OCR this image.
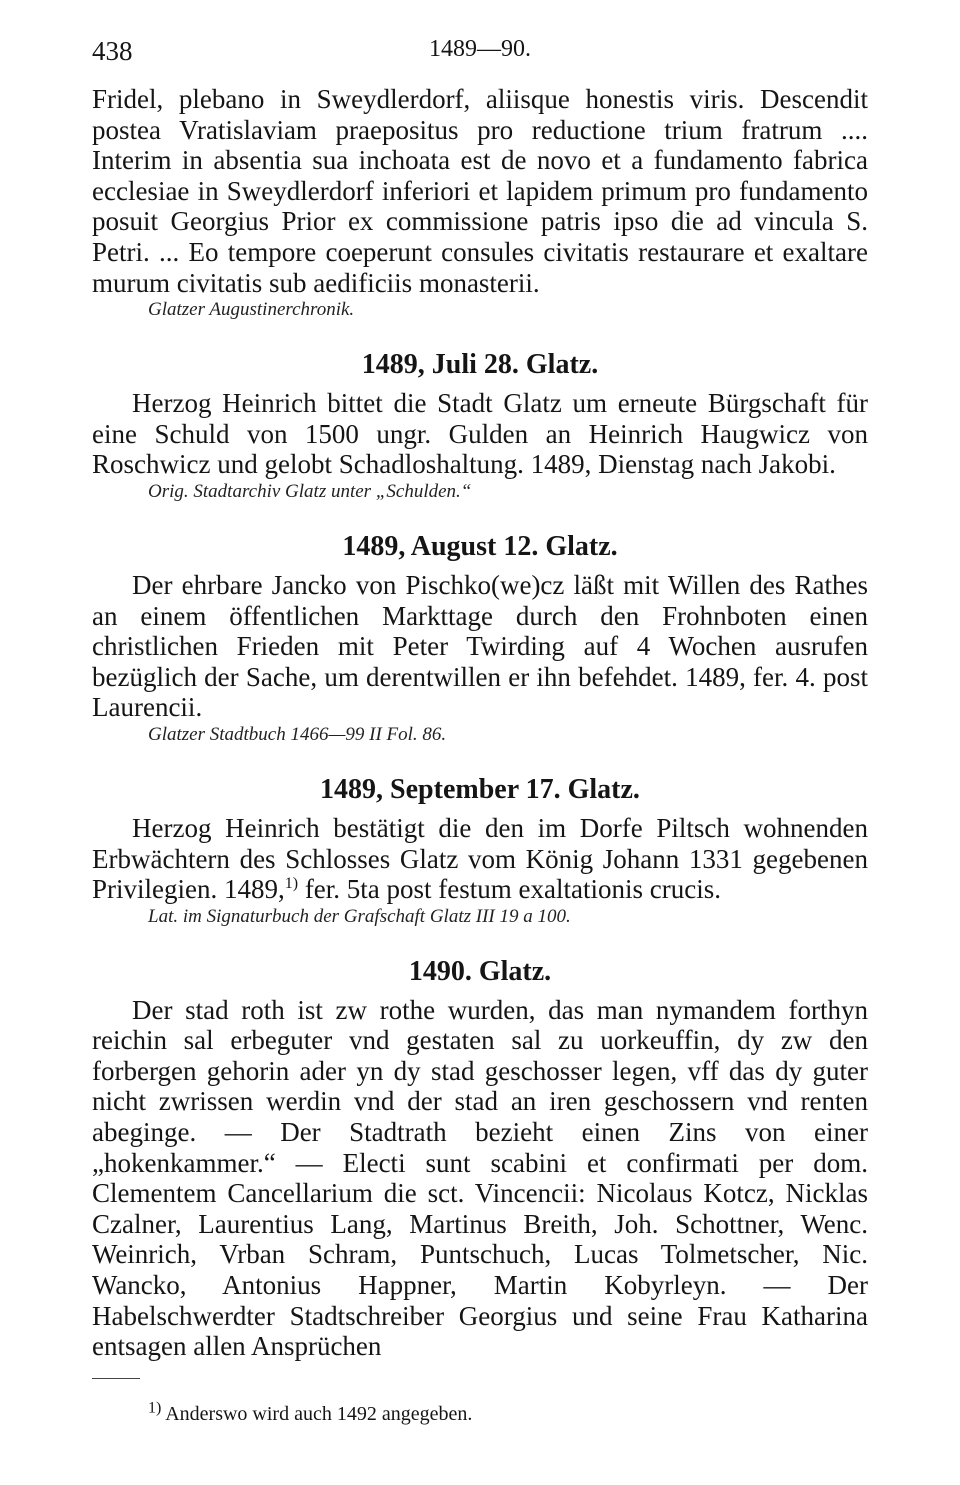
438	1489—90.

Fridel, plebano in Sweydlerdorf, aliisque honestis viris. Descendit postea Vratislaviam praepositus pro reductione trium fratrum .... Interim in absentia sua inchoata est de novo et a fundamento fabrica ecclesiae in Sweydlerdorf inferiori et lapidem primum pro fundamento posuit Georgius Prior ex commissione patris ipso die ad vincula S. Petri. ... Eo tempore coeperunt consules civitatis restaurare et exaltare murum civitatis sub aedificiis monasterii.

Glatzer Augustinerchronik.

1489, Juli 28. Glatz.

Herzog Heinrich bittet die Stadt Glatz um erneute Bürgschaft für eine Schuld von 1500 ungr. Gulden an Heinrich Haugwicz von Roschwicz und gelobt Schadloshaltung. 1489, Dienstag nach Jakobi.

Orig. Stadtarchiv Glatz unter „Schulden.“

1489, August 12. Glatz.

Der ehrbare Jancko von Pischko(we)cz läßt mit Willen des Rathes an einem öffentlichen Markttage durch den Frohnboten einen christlichen Frieden mit Peter Twirding auf 4 Wochen ausrufen bezüglich der Sache, um derentwillen er ihn befehdet. 1489, fer. 4. post Laurencii.

Glatzer Stadtbuch 1466—99 II Fol. 86.

1489, September 17. Glatz.

Herzog Heinrich bestätigt die den im Dorfe Piltsch wohnenden Erbwächtern des Schlosses Glatz vom König Johann 1331 gegebenen Privilegien. 1489,$^{1)}$ fer. 5ta post festum exaltationis crucis.

Lat. im Signaturbuch der Grafschaft Glatz III 19 a 100.

1490. Glatz.

Der stad roth ist zw rothe wurden, das man nymandem forthyn reichin sal erbeguter vnd gestaten sal zu uorkeuffin, dy zw den forbergen gehorin ader yn dy stad geschosser legen, vff das dy guter nicht zwrissen werdin vnd der stad an iren geschossern vnd renten abeginge. — Der Stadtrath bezieht einen Zins von einer „hokenkammer.“ — Electi sunt scabini et confirmati per dom. Clementem Cancellarium die sct. Vincencii: Nicolaus Kotcz, Nicklas Czalner, Laurentius Lang, Martinus Breith, Joh. Schottner, Wenc. Weinrich, Vrban Schram, Puntschuch, Lucas Tolmetscher, Nic. Wancko, Antonius Happner, Martin Kobyrleyn. — Der Habelschwerdter Stadtschreiber Georgius und seine Frau Katharina entsagen allen Ansprüchen

$^{1)}$ Anderswo wird auch 1492 angegeben.
